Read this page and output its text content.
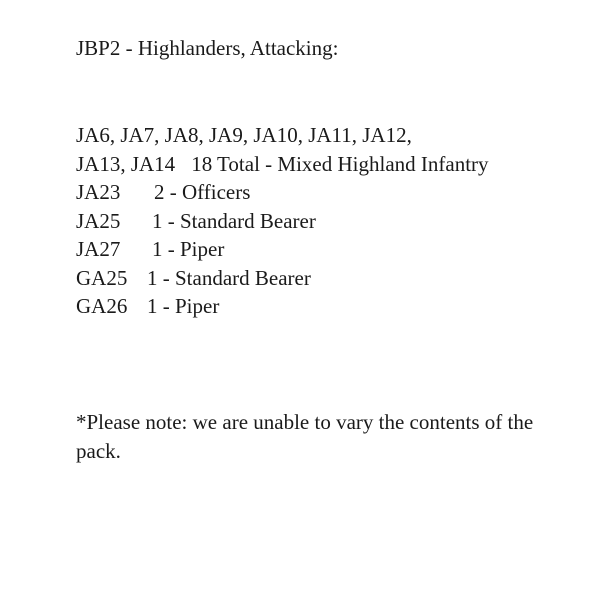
JBP2 - Highlanders, Attacking:
JA6, JA7, JA8, JA9, JA10, JA11, JA12,
JA13, JA14 18 Total - Mixed Highland Infantry
JA23 2 - Officers
JA25 1 - Standard Bearer
JA27 1 - Piper
GA25 1 - Standard Bearer
GA26 1 - Piper
*Please note: we are unable to vary the contents of the pack.
